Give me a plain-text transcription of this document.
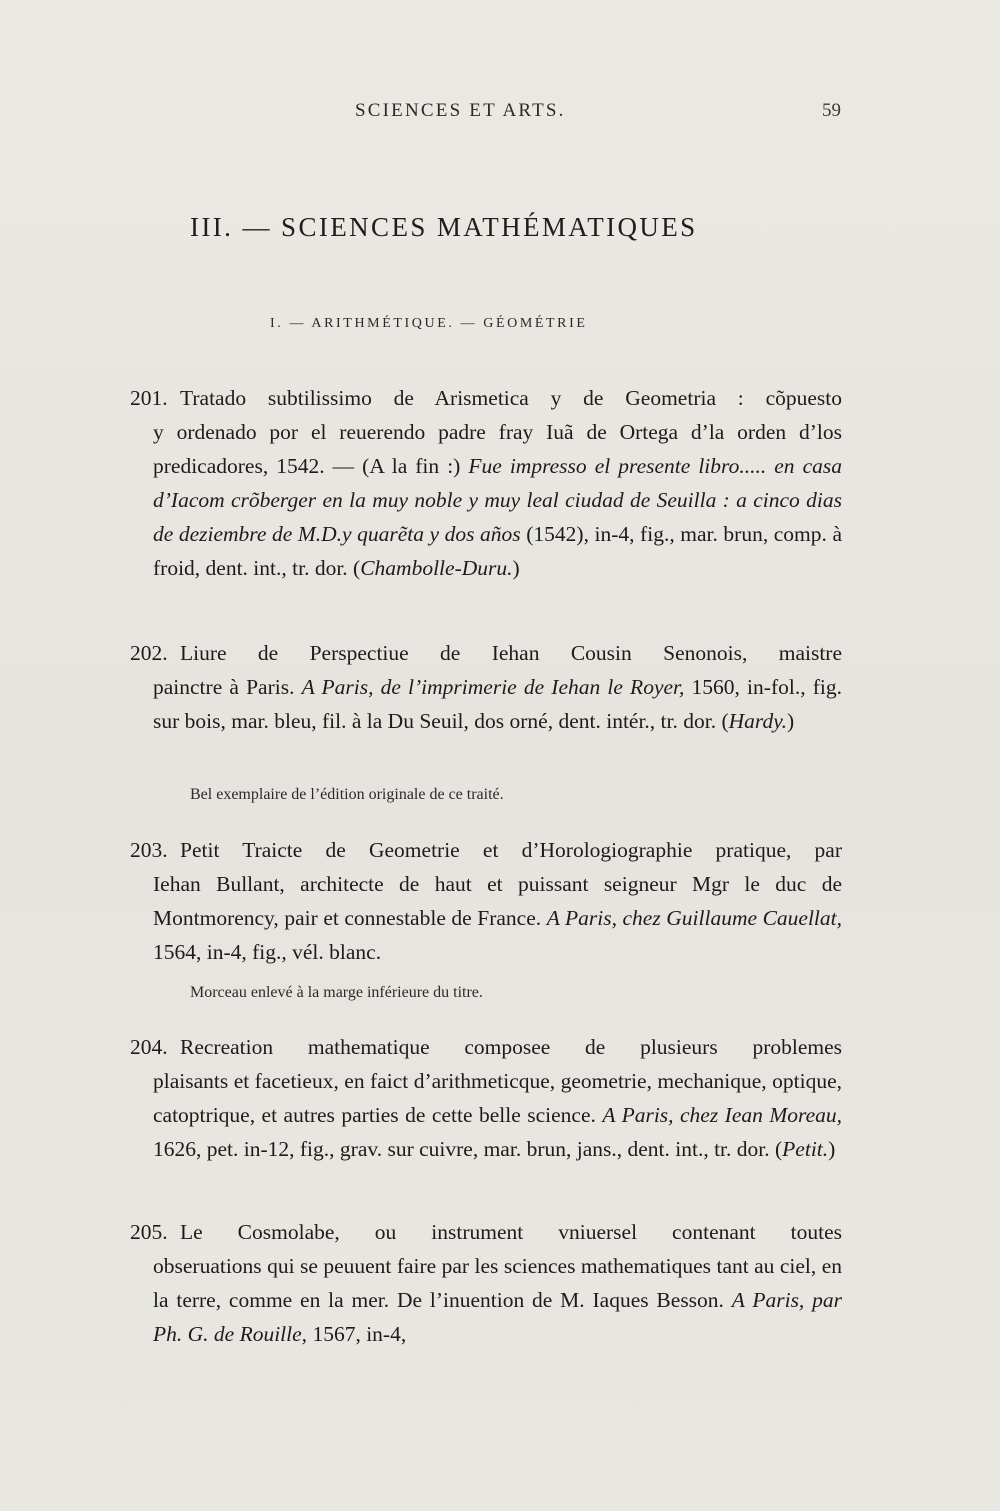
SCIENCES ET ARTS.	59
III. — SCIENCES MATHÉMATIQUES
I. — ARITHMÉTIQUE. — GÉOMÉTRIE
201. Tratado subtilissimo de Arismetica y de Geometria : cõpuesto
y ordenado por el reuerendo padre fray Iuã de Ortega d’la orden d’los predicadores, 1542. — (A la fin :) Fue impresso el presente libro..... en casa d’Iacom crõberger en la muy noble y muy leal ciudad de Seuilla : a cinco dias de deziembre de M.D.y quarẽta y dos años (1542), in-4, fig., mar. brun, comp. à froid, dent. int., tr. dor. (Chambolle-Duru.)
202. Liure de Perspectiue de Iehan Cousin Senonois, maistre
painctre à Paris. A Paris, de l’imprimerie de Iehan le Royer, 1560, in-fol., fig. sur bois, mar. bleu, fil. à la Du Seuil, dos orné, dent. intér., tr. dor. (Hardy.)
Bel exemplaire de l’édition originale de ce traité.
203. Petit Traicte de Geometrie et d’Horologiographie pratique, par
Iehan Bullant, architecte de haut et puissant seigneur Mgr le duc de Montmorency, pair et connestable de France. A Paris, chez Guillaume Cauellat, 1564, in-4, fig., vél. blanc.
Morceau enlevé à la marge inférieure du titre.
204. Recreation mathematique composee de plusieurs problemes
plaisants et facetieux, en faict d’arithmeticque, geometrie, mechanique, optique, catoptrique, et autres parties de cette belle science. A Paris, chez Iean Moreau, 1626, pet. in-12, fig., grav. sur cuivre, mar. brun, jans., dent. int., tr. dor. (Petit.)
205. Le Cosmolabe, ou instrument vniuersel contenant toutes
obseruations qui se peuuent faire par les sciences mathematiques tant au ciel, en la terre, comme en la mer. De l’inuention de M. Iaques Besson. A Paris, par Ph. G. de Rouille, 1567, in-4,
